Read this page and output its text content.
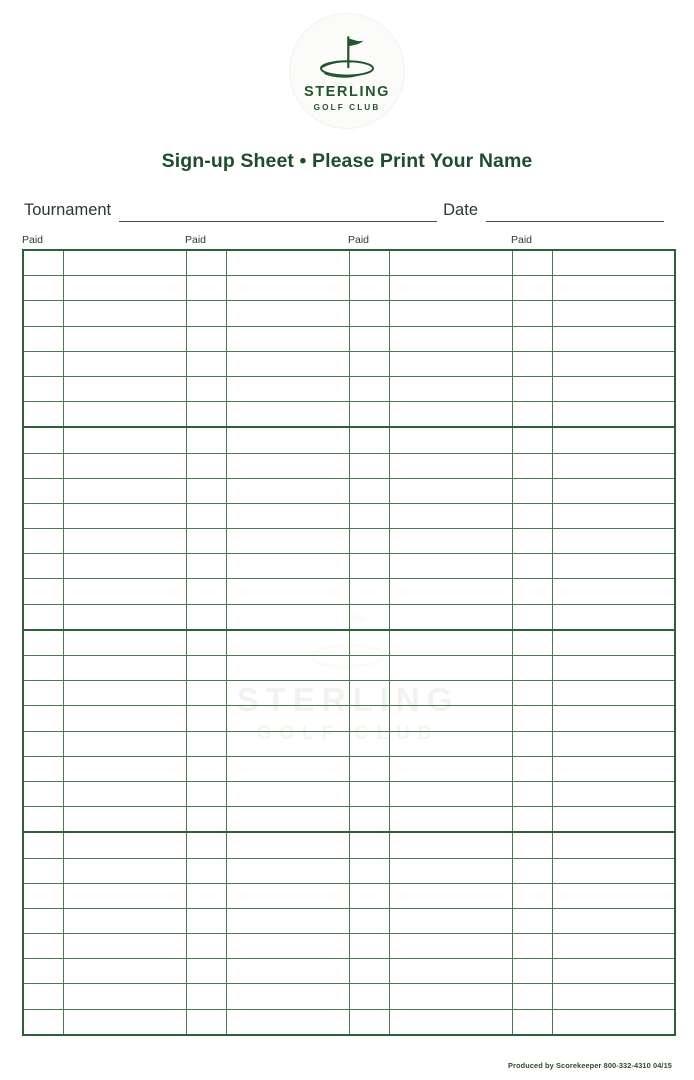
STERLING
GOLF CLUB
Sign-up Sheet • Please Print Your Name
Tournament	Date
Paid	Paid	Paid	Paid
STERLING
GOLF CLUB

Produced by Scorekeeper 800-332-4310 04/15
